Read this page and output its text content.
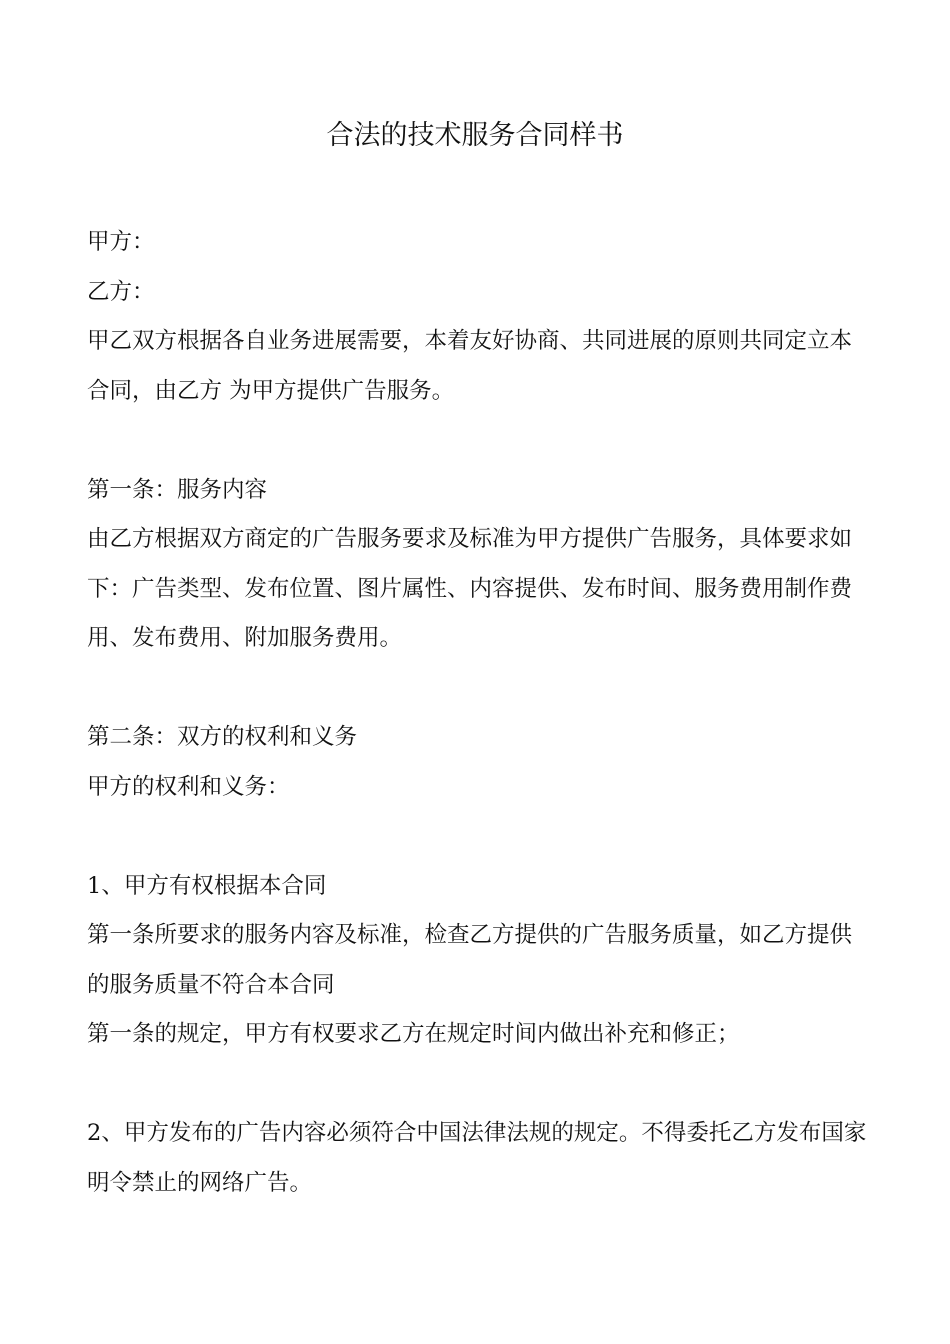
合法的技术服务合同样书

甲方：

乙方：

甲乙双方根据各自业务进展需要，本着友好协商、共同进展的原则共同定立本合同，由乙方 为甲方提供广告服务。

第一条：服务内容

由乙方根据双方商定的广告服务要求及标准为甲方提供广告服务，具体要求如下：广告类型、发布位置、图片属性、内容提供、发布时间、服务费用制作费用、发布费用、附加服务费用。

第二条：双方的权利和义务

甲方的权利和义务：

1、甲方有权根据本合同

第一条所要求的服务内容及标准，检查乙方提供的广告服务质量，如乙方提供的服务质量不符合本合同

第一条的规定，甲方有权要求乙方在规定时间内做出补充和修正；

2、甲方发布的广告内容必须符合中国法律法规的规定。不得委托乙方发布国家明令禁止的网络广告。
